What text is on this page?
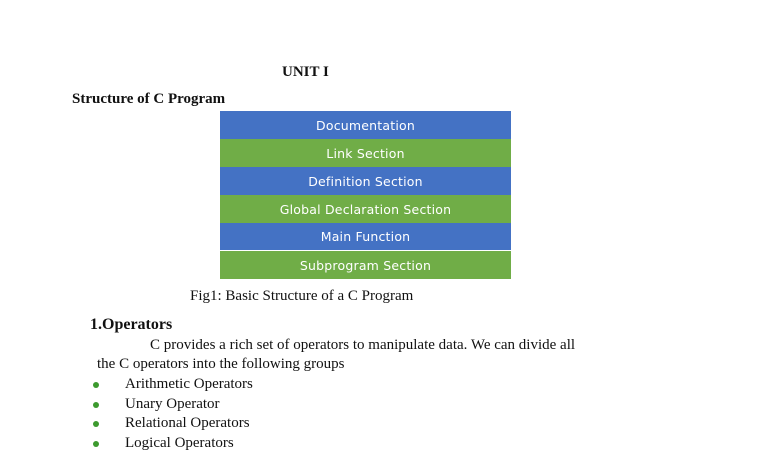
UNIT I
Structure of C Program
Documentation
Link Section
Definition Section
Global Declaration Section
Main Function
Subprogram Section
Fig1: Basic Structure of a C Program
1.Operators
C provides a rich set of operators to manipulate data. We can divide all
the C operators into the following groups
Arithmetic Operators
Unary Operator
Relational Operators
Logical Operators
